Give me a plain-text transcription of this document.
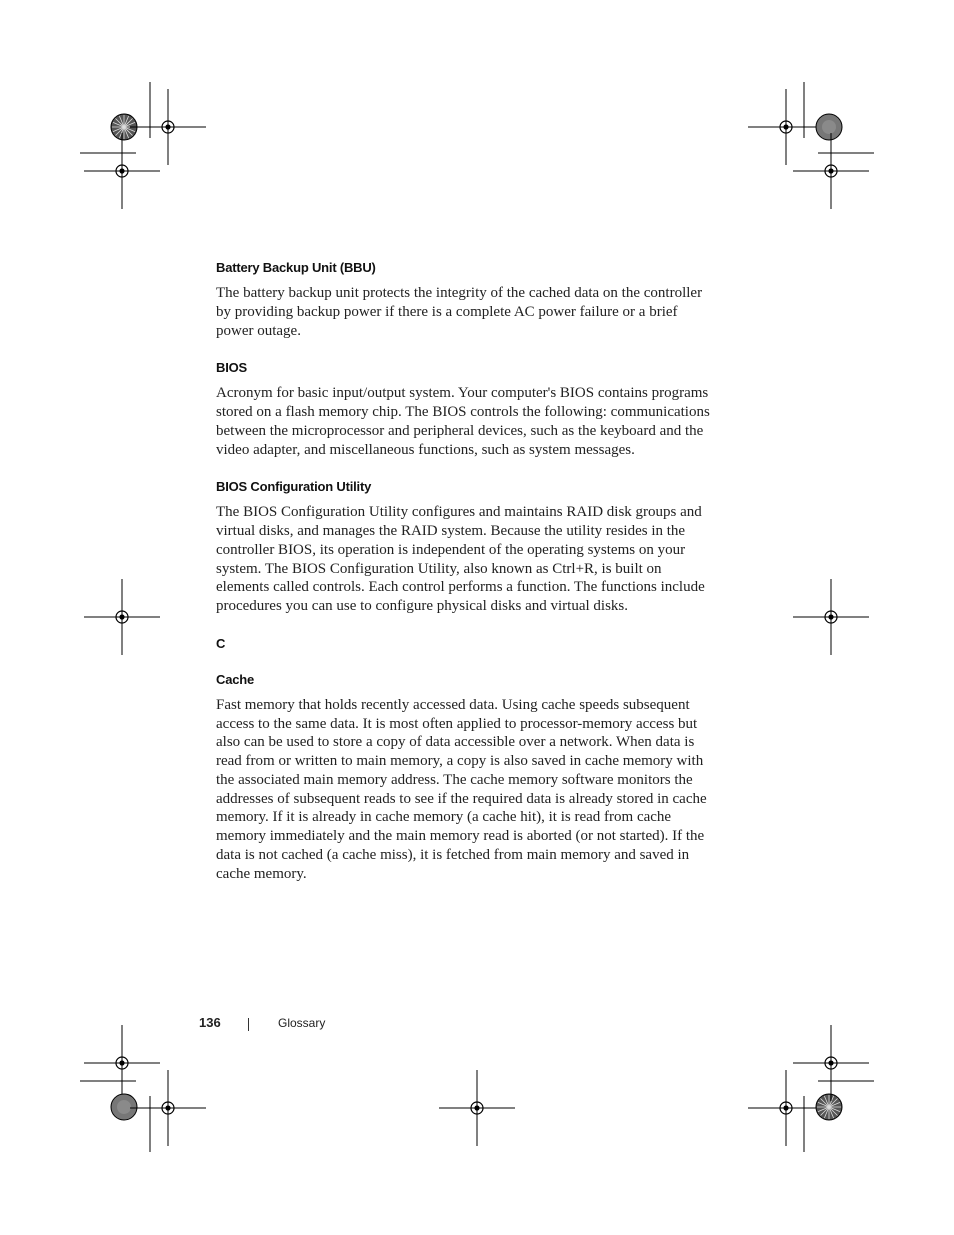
Battery Backup Unit (BBU)

The battery backup unit protects the integrity of the cached data on the controller by providing backup power if there is a complete AC power failure or a brief power outage.

BIOS

Acronym for basic input/output system. Your computer's BIOS contains programs stored on a flash memory chip. The BIOS controls the following: communications between the microprocessor and peripheral devices, such as the keyboard and the video adapter, and miscellaneous functions, such as system messages.

BIOS Configuration Utility

The BIOS Configuration Utility configures and maintains RAID disk groups and virtual disks, and manages the RAID system. Because the utility resides in the controller BIOS, its operation is independent of the operating systems on your system. The BIOS Configuration Utility, also known as Ctrl+R, is built on elements called controls. Each control performs a function. The functions include procedures you can use to configure physical disks and virtual disks.

C
Cache

Fast memory that holds recently accessed data. Using cache speeds subsequent access to the same data. It is most often applied to processor-memory access but also can be used to store a copy of data accessible over a network. When data is read from or written to main memory, a copy is also saved in cache memory with the associated main memory address. The cache memory software monitors the addresses of subsequent reads to see if the required data is already stored in cache memory. If it is already in cache memory (a cache hit), it is read from cache memory immediately and the main memory read is aborted (or not started). If the data is not cached (a cache miss), it is fetched from main memory and saved in cache memory.

136	Glossary
